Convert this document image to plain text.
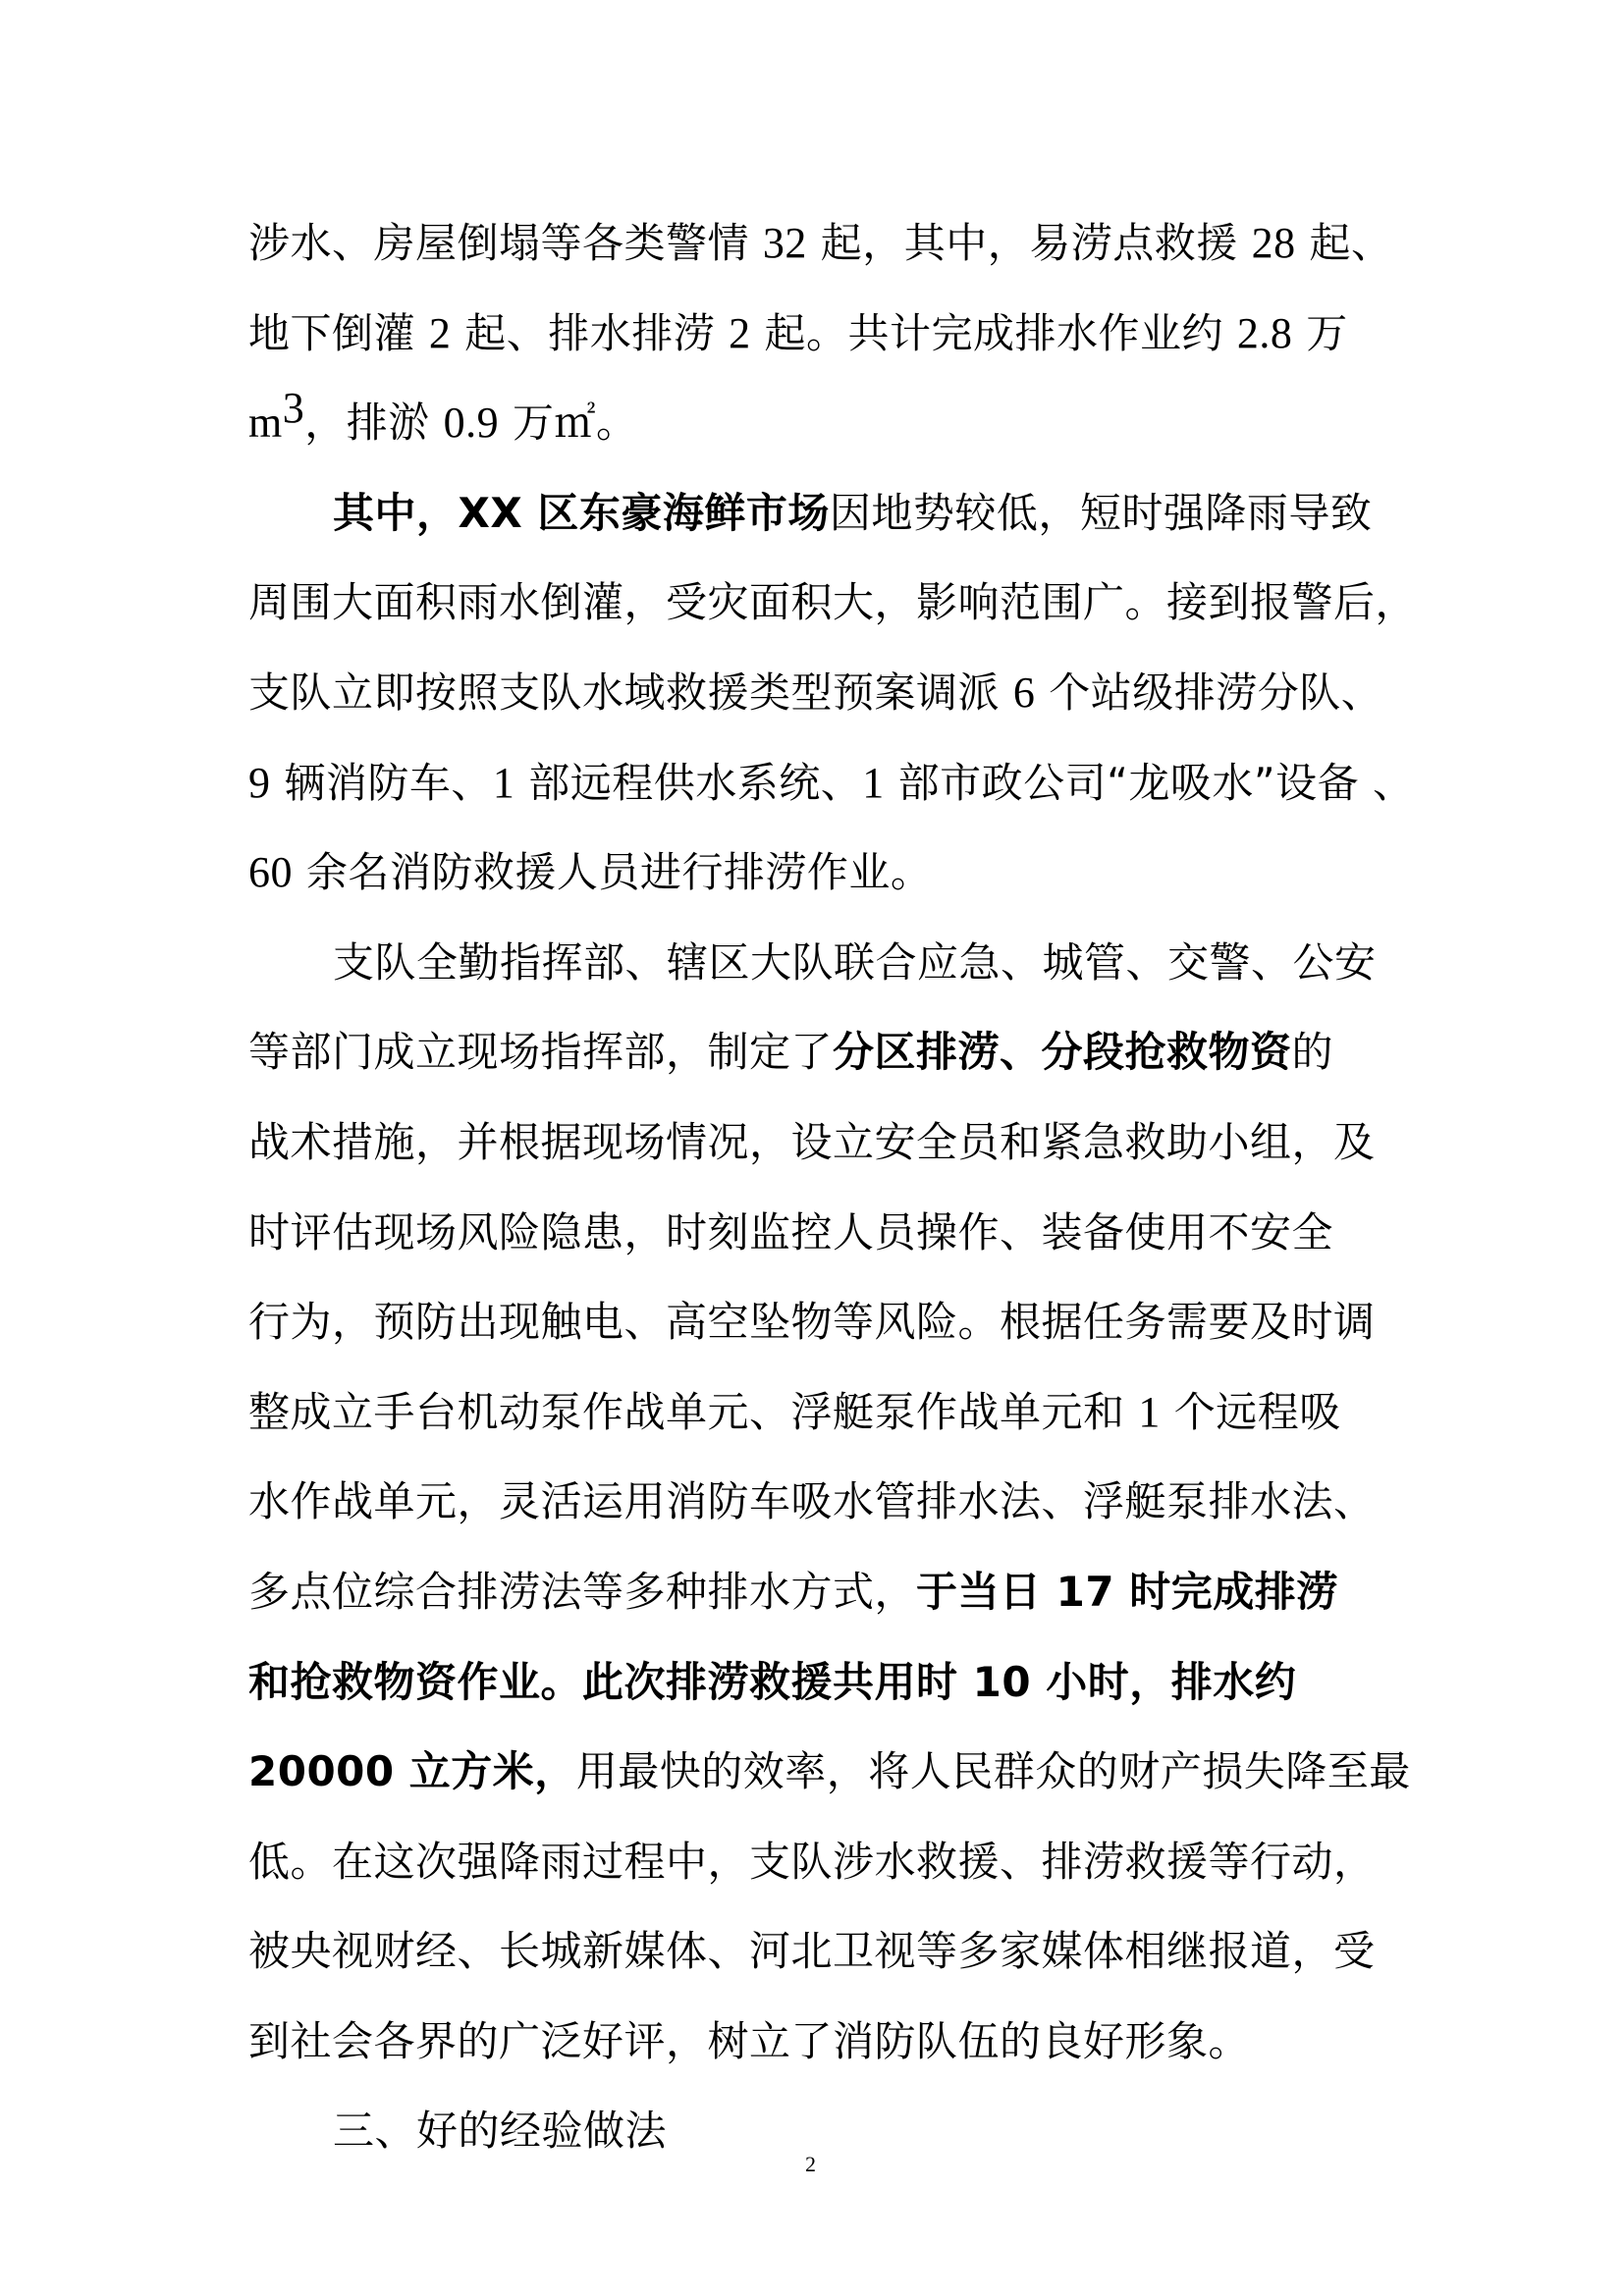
涉水、房屋倒塌等各类警情 32 起，其中，易涝点救援 28 起、
地下倒灌 2 起、排水排涝 2 起。共计完成排水作业约 2.8 万
$m^3$，排淤 0.9 万㎡。
其中，XX 区东豪海鲜市场因地势较低，短时强降雨导致
周围大面积雨水倒灌，受灾面积大，影响范围广。接到报警后，
支队立即按照支队水域救援类型预案调派 6 个站级排涝分队、
9 辆消防车、1 部远程供水系统、1 部市政公司“龙吸水”设备 、
60 余名消防救援人员进行排涝作业。
支队全勤指挥部、辖区大队联合应急、城管、交警、公安
等部门成立现场指挥部，制定了分区排涝、分段抢救物资的
战术措施，并根据现场情况，设立安全员和紧急救助小组，及
时评估现场风险隐患，时刻监控人员操作、装备使用不安全
行为，预防出现触电、高空坠物等风险。根据任务需要及时调
整成立手台机动泵作战单元、浮艇泵作战单元和 1 个远程吸
水作战单元，灵活运用消防车吸水管排水法、浮艇泵排水法、
多点位综合排涝法等多种排水方式，于当日 17 时完成排涝
和抢救物资作业。此次排涝救援共用时 10 小时，排水约
20000 立方米，用最快的效率，将人民群众的财产损失降至最
低。在这次强降雨过程中，支队涉水救援、排涝救援等行动，
被央视财经、长城新媒体、河北卫视等多家媒体相继报道，受
到社会各界的广泛好评，树立了消防队伍的良好形象。
三、好的经验做法
2
